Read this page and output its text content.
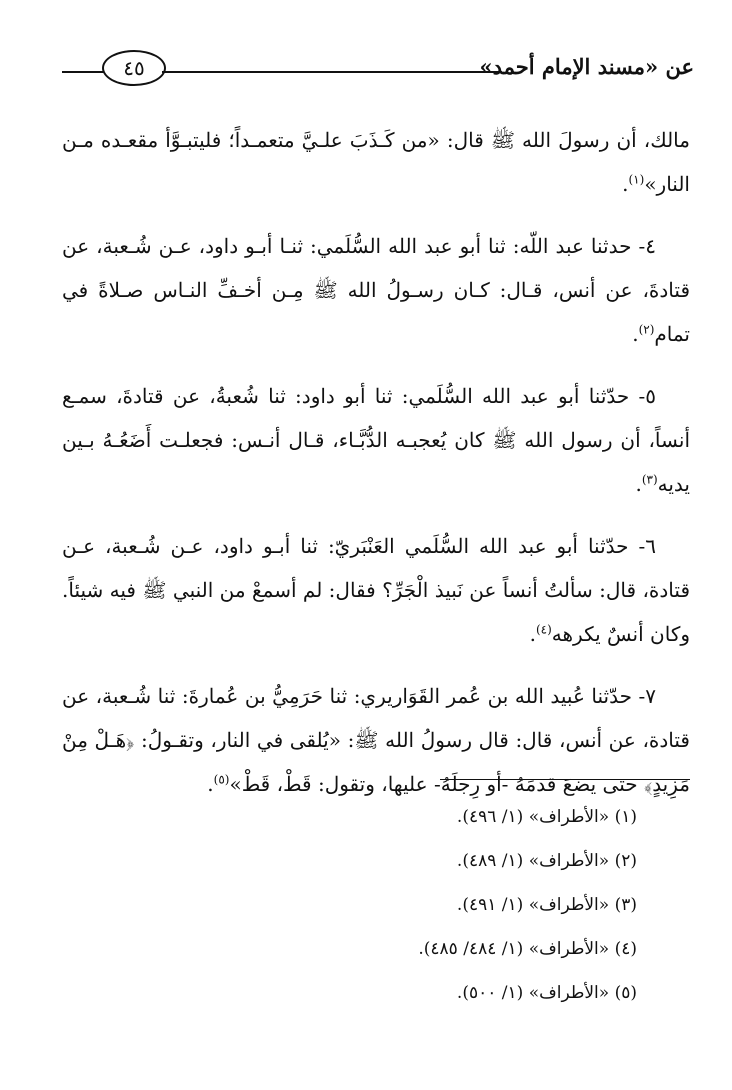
عن «مسند الإمام أحمد»
٤٥

مالك، أن رسولَ الله ﷺ قال: «من كَـذَبَ علـيَّ متعمـداً؛ فليتبـوَّأ مقعـده مـن النار»$^{(١)}$.

٤- حدثنا عبد اللّه: ثنا أبو عبد الله السُّلَمي: ثنـا أبـو داود، عـن شُـعبة، عن قتادةَ، عن أنس، قـال: كـان رسـولُ الله ﷺ مِـن أخـفِّ النـاس صـلاةً في تمام$^{(٢)}$.

٥- حدّثنا أبو عبد الله السُّلَمي: ثنا أبو داود: ثنا شُعبةُ، عن قتادةَ، سمـع أنساً، أن رسول الله ﷺ كان يُعجبـه الدُّبَّـاء، قـال أنـس: فجعلـت أَضَعُـهُ بـين يديه$^{(٣)}$.

٦- حدّثنا أبو عبد الله السُّلَمي العَنْبَريّ: ثنا أبـو داود، عـن شُـعبة، عـن قتادة، قال: سألتُ أنساً عن نَبيذ الْجَرِّ؟ فقال: لم أسمعْ من النبي ﷺ فيه شيئاً. وكان أنسٌ يكرهه$^{(٤)}$.

٧- حدّثنا عُبيد الله بن عُمر القَوَاريري: ثنا حَرَمِيُّ بن عُمارةَ: ثنا شُـعبة، عن قتادة، عن أنس، قال: قال رسولُ الله ﷺ: «يُلقى في النار، وتقـولُ: ﴿هَـلْ مِنْ مَزِيدٍ﴾ حتى يضعَ قدمَهُ -أو رِجلَهُ- عليها، وتقول: قَطْ، قَطْ»$^{(٥)}$.

(١) «الأطراف» (١/ ٤٩٦).

(٢) «الأطراف» (١/ ٤٨٩).

(٣) «الأطراف» (١/ ٤٩١).

(٤) «الأطراف» (١/ ٤٨٤/ ٤٨٥).

(٥) «الأطراف» (١/ ٥٠٠).
